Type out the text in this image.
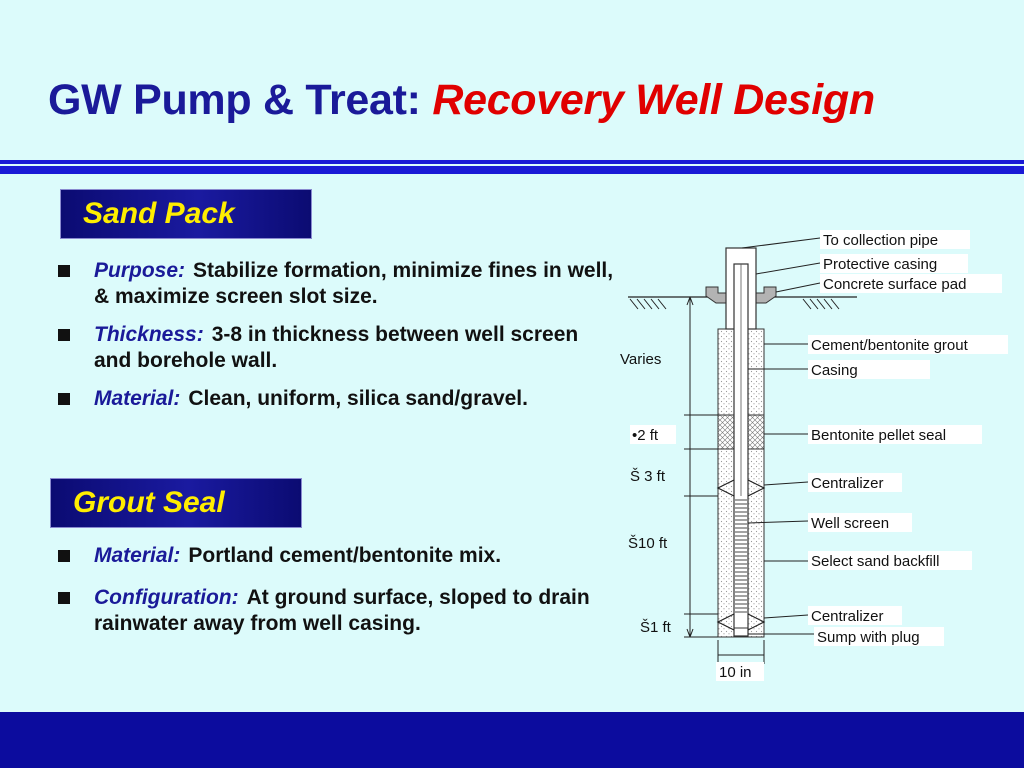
GW Pump & Treat: Recovery Well Design
Sand Pack
Purpose: Stabilize formation, minimize fines in well, & maximize screen slot size.
Thickness: 3-8 in thickness between well screen and borehole wall.
Material: Clean, uniform, silica sand/gravel.
Grout Seal
Material: Portland cement/bentonite mix.
Configuration: At ground surface, sloped to drain rainwater away from well casing.
To collection pipe
Protective casing
Concrete surface pad
Cement/bentonite grout
Casing
Bentonite pellet seal
Centralizer
Well screen
Select sand backfill
Centralizer
Sump with plug
Varies
•2 ft
Š 3 ft
Š10 ft
Š1 ft
10 in
